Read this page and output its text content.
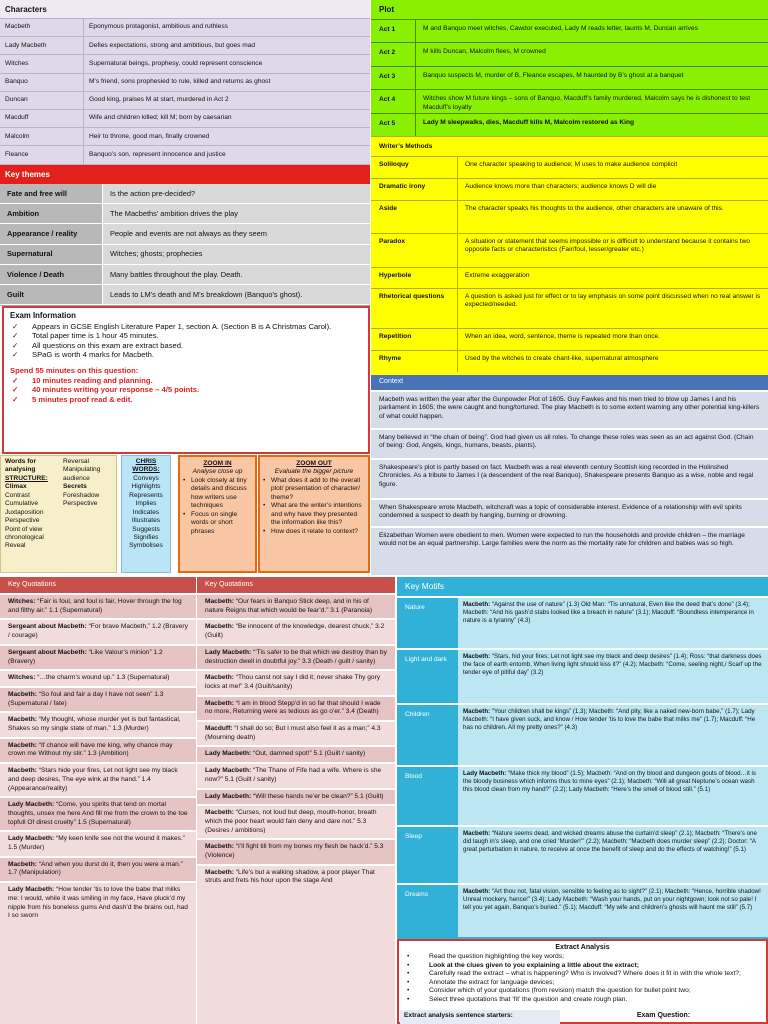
Characters
Macbeth	Eponymous protagonist, ambitious and ruthless
Lady Macbeth	Defies expectations, strong and ambitious, but goes mad
Witches	Supernatural beings, prophesy, could represent conscience
Banquo	M’s friend, sons prophesied to rule, killed and returns as ghost
Duncan	Good king, praises M at start, murdered in Act 2
Macduff	Wife and children killed; kill M; born by caesarian
Malcolm	Heir to throne, good man, finally crowned
Fleance	Banquo’s son, represent innocence and justice
Key themes
Fate and free will	Is the action pre-decided?
Ambition	The Macbeths’ ambition drives the play
Appearance / reality	People and events are not always as they seem
Supernatural	Witches; ghosts; prophecies
Violence / Death	Many battles throughout the play. Death.
Guilt	Leads to LM’s death and M’s breakdown (Banquo’s ghost).
Exam Information
✓	Appears in GCSE English Literature Paper 1, section A. (Section B is A Christmas Carol).
✓	Total paper time is 1 hour 45 minutes.
✓	All questions on this exam are extract based.
✓	SPaG is worth 4 marks for Macbeth.
Spend 55 minutes on this question:
✓	10 minutes reading and planning.
✓	40 minutes writing your response – 4/5 points.
✓	5 minutes proof read & edit.
Words for analysing
STRUCTURE:
Climax
Contrast
Cumulative
Juxtaposition
Perspective
Point of view
chronological
Reveal
Reversal
Manipulating
audience
Secrets
Foreshadow
Perspective
CHRIS
WORDS:
Conveys
Highlights
Represents
Implies
Indicates
Illustrates
Suggests
Signifies
Symbolises
ZOOM IN
Analyse close up
• Look closely at tiny details and discuss how writers use techniques
• Focus on single words or short phrases
ZOOM OUT
Evaluate the bigger picture
• What does it add to the overall plot/ presentation of character/ theme?
• What are the writer’s intentions and why have they presented the information like this?
• How does it relate to context?
Plot
Act 1	M and Banquo meet witches, Cawdor executed, Lady M reads letter, taunts M, Duncan arrives
Act 2	M kills Duncan, Malcolm flees, M crowned
Act 3	Banquo suspects M, murder of B, Fleance escapes, M haunted by B’s ghost at a banquet
Act 4	Witches show M future kings – sons of Banquo, Macduff’s family murdered, Malcolm says he is dishonest to test Macduff’s loyalty
Act 5	Lady M sleepwalks, dies, Macduff kills M, Malcolm restored as King
Writer’s Methods
Soliloquy	One character speaking to audience; M uses to make audience complicit
Dramatic irony	Audience knows more than characters; audience knows D will die
Aside	The character speaks his thoughts to the audience, other characters are unaware of this.
Paradox	A situation or statement that seems impossible or is difficult to understand because it contains two opposite facts or characteristics (Fair/foul, lesser/greater etc.)
Hyperbole	Extreme exaggeration
Rhetorical questions	A question is asked just for effect or to lay emphasis on some point discussed when no real answer is expected/needed.
Repetition	When an idea, word, sentence, theme is repeated more than once.
Rhyme	Used by the witches to create chant-like, supernatural atmosphere
Context
Macbeth was written the year after the Gunpowder Plot of 1605. Guy Fawkes and his men tried to blow up James I and his parliament in 1605; the were caught and hung/tortured. The play Macbeth is to some extent warning any other potential king-killers of what could happen.
Many believed in “the chain of being”. God had given us all roles. To change these roles was seen as an act against God. (Chain of being: God, Angels, kings, humans, beasts, plants).
Shakespeare’s plot is partly based on fact. Macbeth was a real eleventh century Scottish king recorded in the Holinshed Chronicles. As a tribute to James I (a descendent of the real Banquo), Shakespeare presents Banquo as a wise, noble and regal figure.
When Shakespeare wrote Macbeth, witchcraft was a topic of considerable interest. Evidence of a relationship with evil spirits condemned a suspect to death by hanging, burning or drowning.
Elizabethan Women were obedient to men. Women were expected to run the households and provide children – the marriage would not be an equal partnership. Large families were the norm as the mortality rate for children and babies was so high.
Key Quotations
Witches: “Fair is foul, and foul is fair, Hover through the fog and filthy air.” 1.1 (Supernatural)
Sergeant about Macbeth: “For brave Macbeth,” 1.2 (Bravery / courage)
Sergeant about Macbeth: “Like Valour’s minion” 1.2 (Bravery)
Witches: “…the charm’s wound up.” 1.3 (Supernatural)
Macbeth: “So foul and fair a day I have not seen” 1.3 (Supernatural / fate)
Macbeth: “My thought, whose murder yet is but fantastical, Shakes so my single state of man.” 1.3 (Murder)
Macbeth: “If chance will have me king, why chance may crown me Without my stir.” 1.3 (Ambition)
Macbeth: “Stars hide your fires, Let not light see my black and deep desires, The eye wink at the hand.” 1.4 (Appearance/reality)
Lady Macbeth: “Come, you spirits that tend on mortal thoughts, unsex me here And fill me from the crown to the toe topfull Of direst cruelty” 1.5 (Supernatural)
Lady Macbeth: “My keen knife see not the wound it makes.” 1.5 (Murder)
Macbeth: “And when you durst do it, then you were a man.” 1.7 (Manipulation)
Lady Macbeth: “How tender ’tis to love the babe that milks me: I would, while it was smiling in my face, Have pluck’d my nipple from his boneless gums And dash’d the brains out, had I so sworn
Key Quotations
Macbeth: “Our fears in Banquo Stick deep, and in his of nature Reigns that which would be fear’d.” 3.1 (Paranoia)
Macbeth: “Be innocent of the knowledge, dearest chuck,” 3.2 (Guilt)
Lady Macbeth: “’Tis safer to be that which we destroy than by destruction dwell in doubtful joy.” 3.3 (Death / guilt / sanity)
Macbeth: “Thou canst not say I did it; never shake Thy gory locks at me!” 3.4 (Guilt/sanity)
Macbeth: “I am in blood Stepp’d in so far that should I wade no more, Returning were as tedious as go o’er.” 3.4 (Death)
Macduff: “I shall do so; But I must also feel it as a man;” 4.3 (Mourning death)
Lady Macbeth: “Out, damned spot!” 5.1 (Guilt / sanity)
Lady Macbeth: “The Thane of Fife had a wife. Where is she now?” 5.1 (Guilt / sanity)
Lady Macbeth: “Will these hands ne’er be clean?” 5.1 (Guilt)
Macbeth: “Curses, not loud but deep, mouth-honor, breath which the poor heart would fain deny and dare not.” 5.3 (Desires / ambitions)
Macbeth: “I’ll fight till from my bones my flesh be hack’d.” 5.3 (Violence)
Macbeth: “Life’s but a walking shadow, a poor player That struts and frets his hour upon the stage And
Key Motifs
Nature	Macbeth: “Against the use of nature” (1.3) Old Man: “Tis unnatural, Even like the deed that’s done” (3.4); Macbeth: “And his gash’d stabs looked like a breach in nature” (3.1); Macduff: “Boundless intemperance in nature is a tyranny” (4.3)
Light and dark	Macbeth: “Stars, hid your fires; Let not light see my black and deep desires” (1.4); Ross: “that darkness does the face of earth entomb, When living light should kiss it?” (4.2); Macbeth: “Come, seeling night,/ Scarf up the tender eye of pitiful day” (3.2)
Children	Macbeth: “Your children shall be kings” (1.3); Macbeth: “And pity, like a naked new-born babe,” (1.7); Lady Macbeth: “I have given suck, and know / How tender ’tis to love the babe that milks me” (1.7); Macduff: “He has no children. All my pretty ones?” (4.3)
Blood	Lady Macbeth: “Make thick my blood” (1.5); Macbeth: “And on thy blood and dungeon gouts of blood…it is the bloody business which informs thus to mine eyes” (2.1); Macbeth: “Will all great Neptune’s ocean wash this blood clean from my hand?” (2.2); Lady Macbeth: “Here’s the smell of blood still.” (5.1)
Sleep	Macbeth: “Nature seems dead, and wicked dreams abuse the curtain’d sleep” (2.1); Macbeth: “There’s one did laugh in’s sleep, and one cried ‘Murder!’” (2.2); Macbeth: “Macbeth does murder sleep” (2.2); Doctor: “A great perturbation in nature, to receive at once the benefit of sleep and do the effects of watching!” (5.1)
Dreams	Macbeth: “Art thou not, fatal vision, sensible to feeling as to sight?” (2.1); Macbeth: “Hence, horrible shadow! Unreal mockery, hence!” (3.4); Lady Macbeth: “Wash your hands, put on your nightgown; look not so pale! I tell you yet again, Banquo’s buried.” (5.1); Macduff: “My wife and children’s ghosts will haunt me still” (5.7)
Extract Analysis
•	Read the question highlighting the key words;
•	Look at the clues given to you explaining a little about the extract;
•	Carefully read the extract – what is happening? Who is involved? Where does it fit in with the whole text?;
•	Annotate the extract for language devices;
•	Consider which of your quotations (from revision) match the question for bullet point two;
•	Select three quotations that ‘fit’ the question and create rough plan.
Extract analysis sentence starters:	Exam Question:
